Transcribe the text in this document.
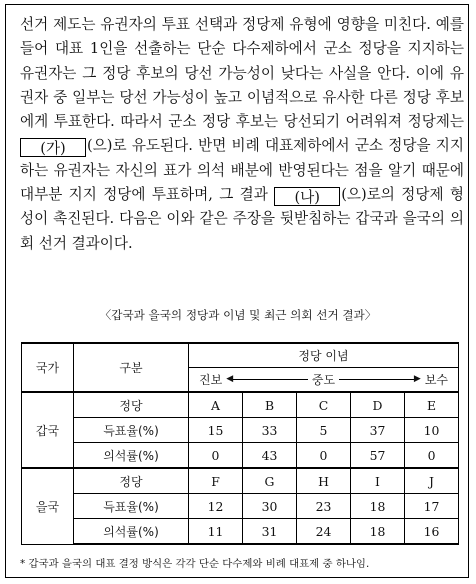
선거 제도는 유권자의 투표 선택과 정당제 유형에 영향을 미친다. 예를 들어 대표 1인을 선출하는 단순 다수제하에서 군소 정당을 지지하는 유권자는 그 정당 후보의 당선 가능성이 낮다는 사실을 안다. 이에 유권자 중 일부는 당선 가능성이 높고 이념적으로 유사한 다른 정당 후보에게 투표한다. 따라서 군소 정당 후보는 당선되기 어려워져 정당제는 (가) (으)로 유도된다. 반면 비례 대표제하에서 군소 정당을 지지하는 유권자는 자신의 표가 의석 배분에 반영된다는 점을 알기 때문에 대부분 지지 정당에 투표하며, 그 결과 (나) (으)로의 정당제 형성이 촉진된다. 다음은 이와 같은 주장을 뒷받침하는 갑국과 을국의 의회 선거 결과이다.

〈갑국과 을국의 정당과 이념 및 최근 의회 선거 결과〉
국가	구분	정당 이념				

		진보 ◀ 중도 ▶ 보수				

갑국	정당	A	B	C	D	E
	득표율(%)	15	33	5	37	10
	의석률(%)	0	43	0	57	0
을국	정당	F	G	H	I	J
	득표율(%)	12	30	23	18	17
	의석률(%)	11	31	24	18	16
* 갑국과 을국의 대표 결정 방식은 각각 단순 다수제와 비례 대표제 중 하나임.
